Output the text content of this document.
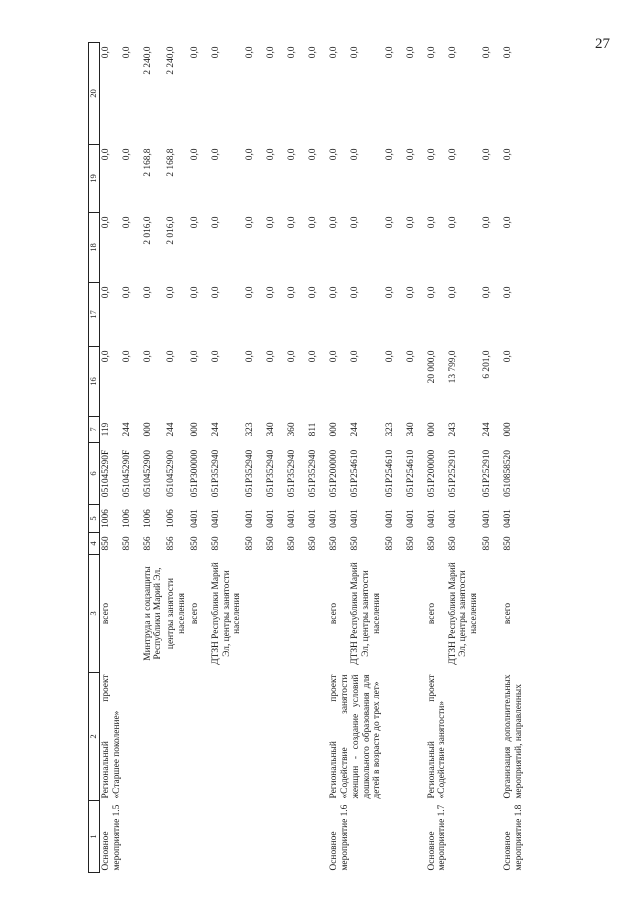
27
1	2	3	4	5	6	7	16	17	18	19	20
Основное мероприятие 1.5	Региональный проект «Старшее поколение»	всего	850	1006	051045290F	119	0,0	0,0	0,0	0,0	0,0
			850	1006	051045290F	244	0,0	0,0	0,0	0,0	0,0
		Минтруда и соцзащиты Республики Марий Эл,	856	1006	0510452900	000	0,0	0,0	2 016,0	2 168,8	2 240,0
		центры занятости населения	856	1006	0510452900	244	0,0	0,0	2 016,0	2 168,8	2 240,0
		всего	850	0401	051P300000	000	0,0	0,0	0,0	0,0	0,0
		ДТЗН Республики Марий Эл, центры занятости населения	850	0401	051P352940	244	0,0	0,0	0,0	0,0	0,0
			850	0401	051P352940	323	0,0	0,0	0,0	0,0	0,0
			850	0401	051P352940	340	0,0	0,0	0,0	0,0	0,0
			850	0401	051P352940	360	0,0	0,0	0,0	0,0	0,0
			850	0401	051P352940	811	0,0	0,0	0,0	0,0	0,0
Основное мероприятие 1.6	Региональный проект «Содействие занятости женщин - создание условий дошкольного образования для детей в возрасте до трех лет»	всего	850	0401	051P200000	000	0,0	0,0	0,0	0,0	0,0
		ДТЗН Республики Марий Эл, центры занятости населения	850	0401	051P254610	244	0,0	0,0	0,0	0,0	0,0
			850	0401	051P254610	323	0,0	0,0	0,0	0,0	0,0
			850	0401	051P254610	340	0,0	0,0	0,0	0,0	0,0
Основное мероприятие 1.7	Региональный проект «Содействие занятости»	всего	850	0401	051P200000	000	20 000,0	0,0	0,0	0,0	0,0
		ДТЗН Республики Марий Эл, центры занятости населения	850	0401	051P252910	243	13 799,0	0,0	0,0	0,0	0,0
			850	0401	051P252910	244	6 201,0	0,0	0,0	0,0	0,0
Основное мероприятие 1.8	Организация дополнительных мероприятий, направленных	всего	850	0401	0510858520	000	0,0	0,0	0,0	0,0	0,0
